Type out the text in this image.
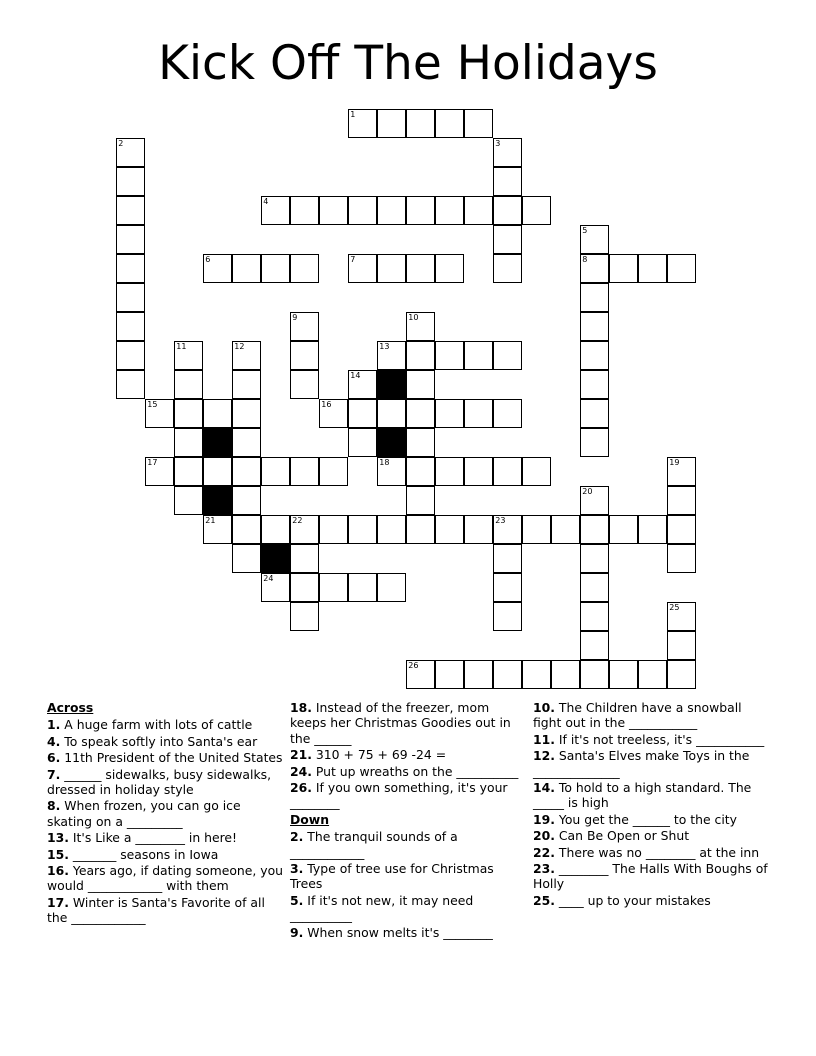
Kick Off The Holidays
1
2	3
4
5
6	7	8
9	10
11	12	13
14
15	16
17	18	19
20
21	22	23
24
25
26
Across
1. A huge farm with lots of cattle
4. To speak softly into Santa's ear
6. 11th President of the United States
7. ______ sidewalks, busy sidewalks, dressed in holiday style
8. When frozen, you can go ice skating on a _________
13. It's Like a ________ in here!
15. _______ seasons in Iowa
16. Years ago, if dating someone, you would ____________ with them
17. Winter is Santa's Favorite of all the ____________
18. Instead of the freezer, mom keeps her Christmas Goodies out in the ______
21. 310 + 75 + 69 -24 =
24. Put up wreaths on the __________
26. If you own something, it's your ________
Down
2. The tranquil sounds of a ____________
3. Type of tree use for Christmas Trees
5. If it's not new, it may need __________
9. When snow melts it's ________
10. The Children have a snowball fight out in the ___________
11. If it's not treeless, it's ___________
12. Santa's Elves make Toys in the ______________
14. To hold to a high standard. The _____ is high
19. You get the ______ to the city
20. Can Be Open or Shut
22. There was no ________ at the inn
23. ________ The Halls With Boughs of Holly
25. ____ up to your mistakes
